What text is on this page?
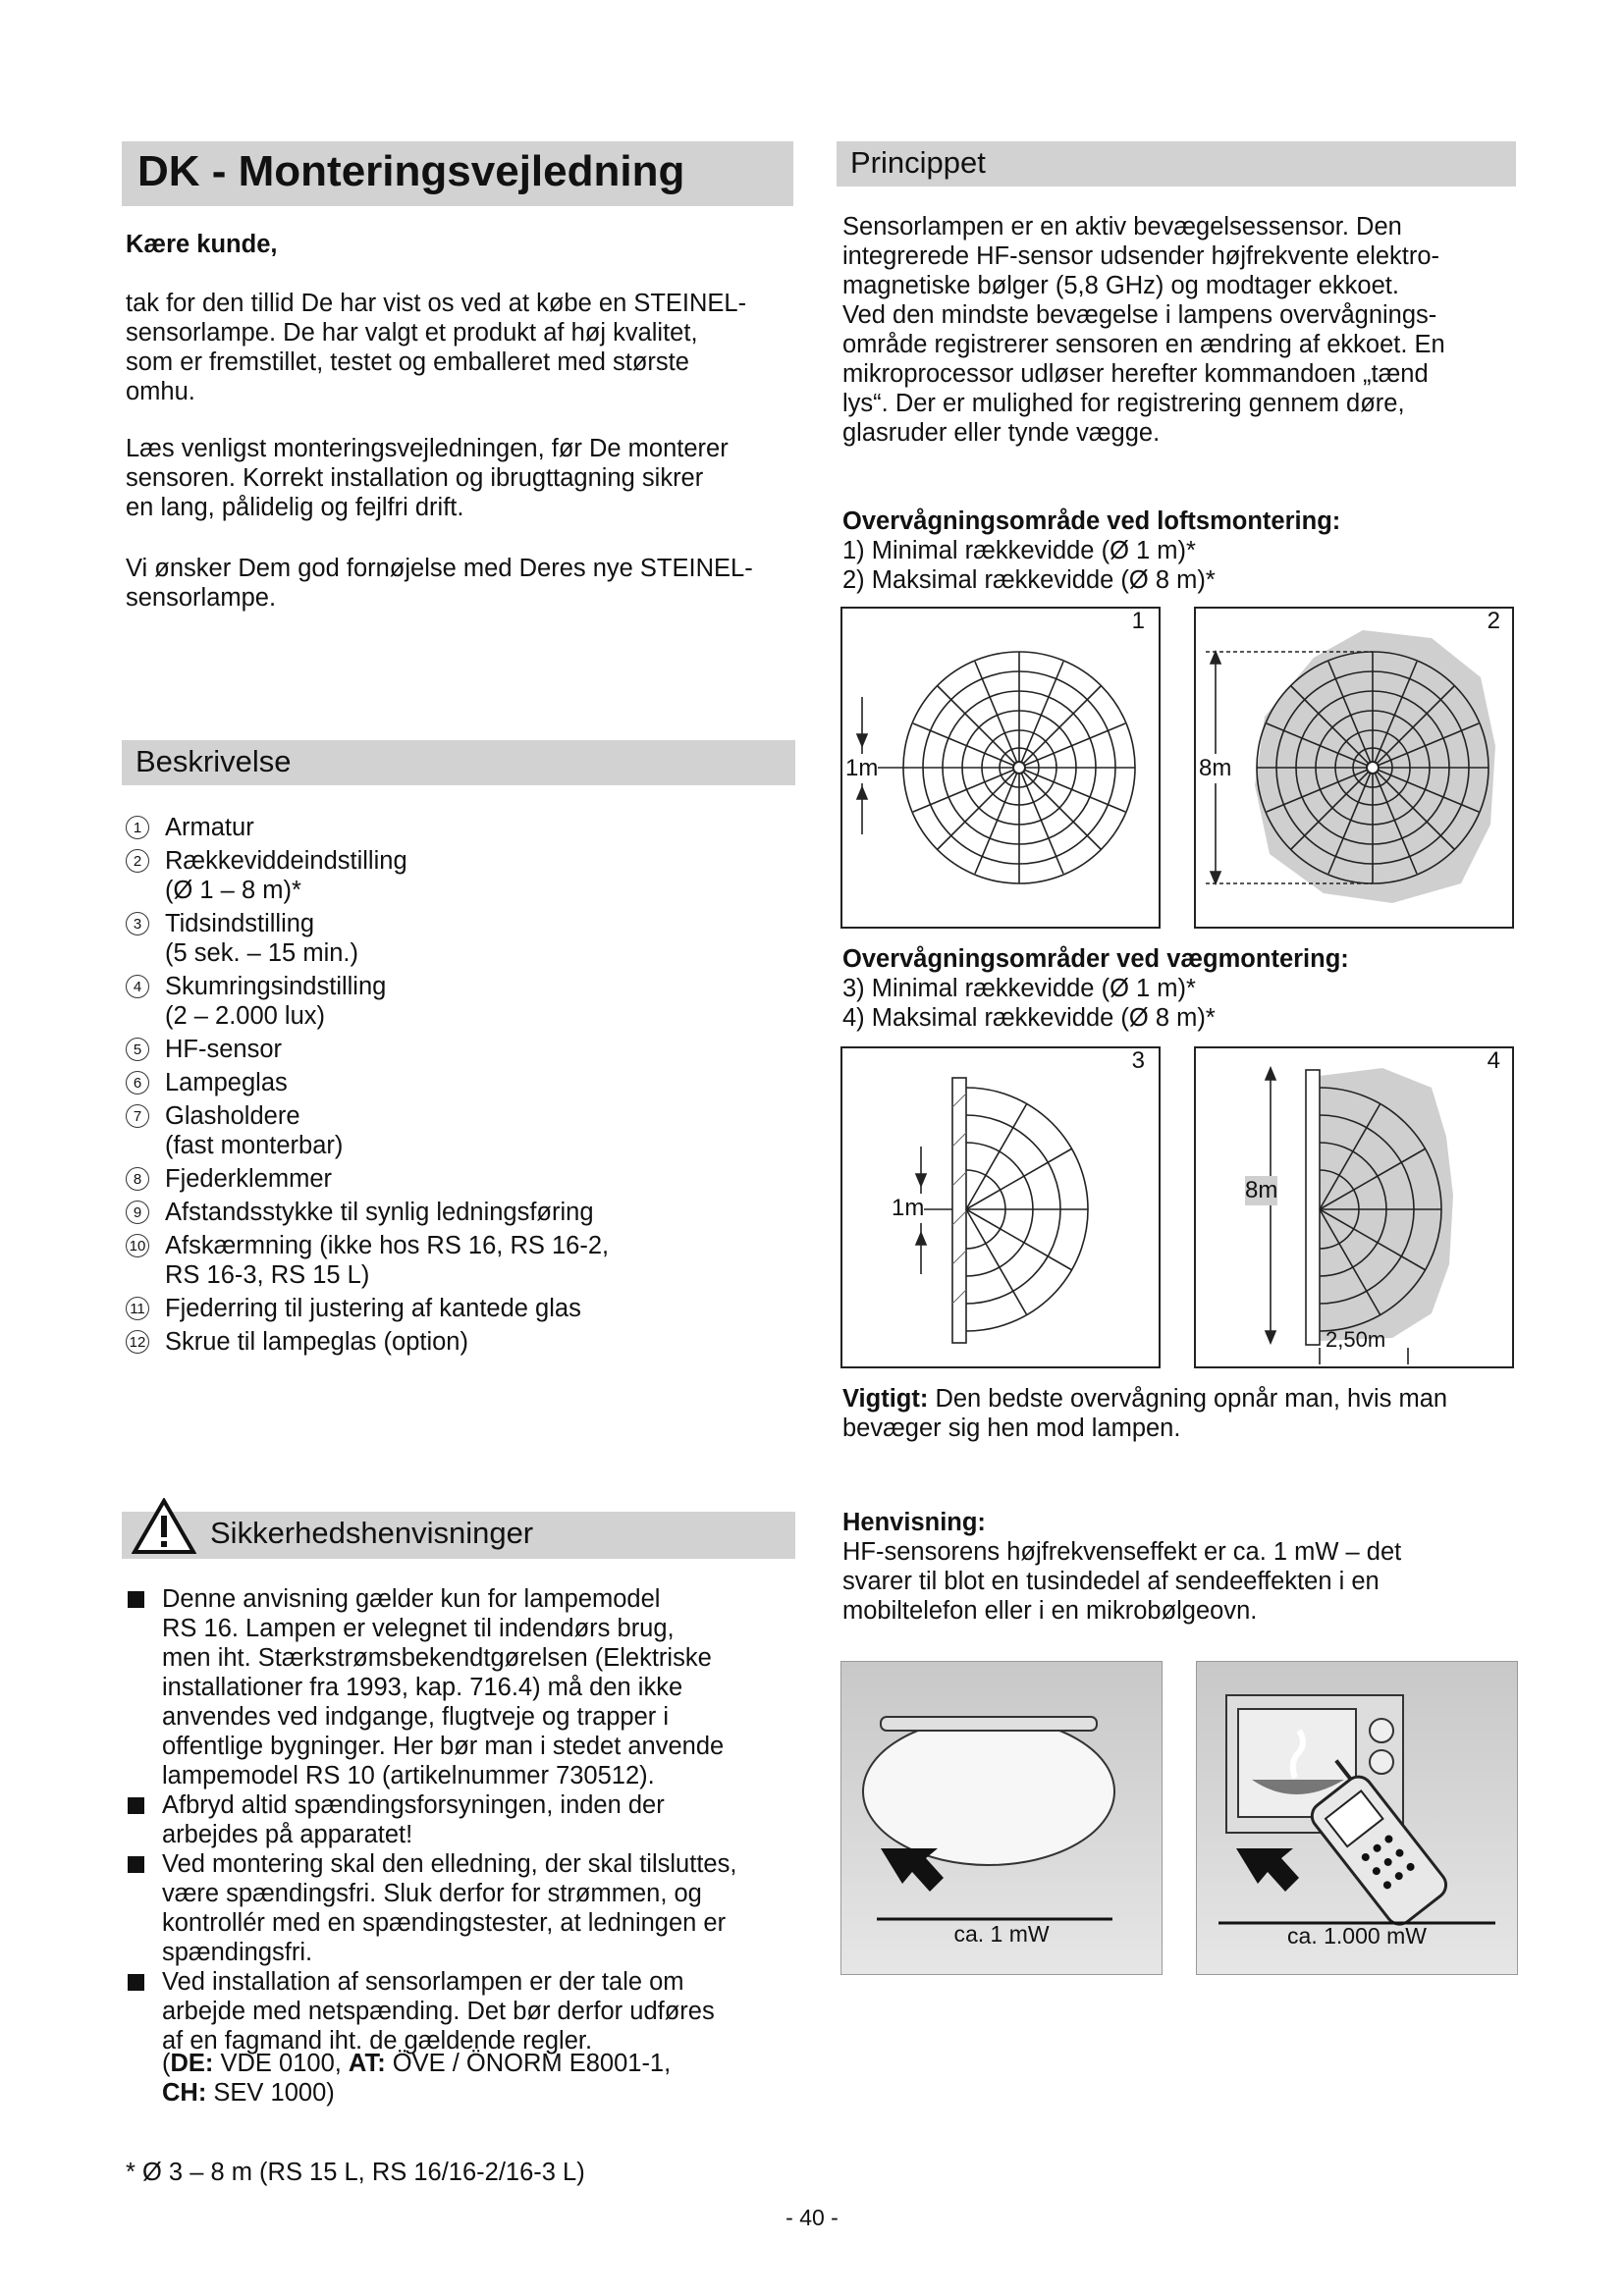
DK - Monteringsvejledning
Kære kunde,
tak for den tillid De har vist os ved at købe en STEINEL-
sensorlampe. De har valgt et produkt af høj kvalitet,
som er fremstillet, testet og emballeret med største
omhu.
Læs venligst monteringsvejledningen, før De monterer
sensoren. Korrekt installation og ibrugttagning sikrer
en lang, pålidelig og fejlfri drift.
Vi ønsker Dem god fornøjelse med Deres nye STEINEL-
sensorlampe.
Beskrivelse
1 Armatur
2 Rækkeviddeindstilling
(Ø 1 – 8 m)*
3 Tidsindstilling
(5 sek. – 15 min.)
4 Skumringsindstilling
(2 – 2.000 lux)
5 HF-sensor
6 Lampeglas
7 Glasholdere
(fast monterbar)
8 Fjederklemmer
9 Afstandsstykke til synlig ledningsføring
10 Afskærmning (ikke hos RS 16, RS 16-2,
RS 16-3, RS 15 L)
11 Fjederring til justering af kantede glas
12 Skrue til lampeglas (option)
Sikkerhedshenvisninger
Denne anvisning gælder kun for lampemodel
RS 16. Lampen er velegnet til indendørs brug,
men iht. Stærkstrømsbekendtgørelsen (Elektriske
installationer fra 1993, kap. 716.4) må den ikke
anvendes ved indgange, flugtveje og trapper i
offentlige bygninger. Her bør man i stedet anvende
lampemodel RS 10 (artikelnummer 730512).
Afbryd altid spændingsforsyningen, inden der
arbejdes på apparatet!
Ved montering skal den elledning, der skal tilsluttes,
være spændingsfri. Sluk derfor for strømmen, og
kontrollér med en spændingstester, at ledningen er
spændingsfri.
Ved installation af sensorlampen er der tale om
arbejde med netspænding. Det bør derfor udføres
af en fagmand iht. de gældende regler.
(DE: VDE 0100, AT: ÖVE / ÖNORM E8001-1,
CH: SEV 1000)
* Ø 3 – 8 m (RS 15 L, RS 16/16-2/16-3 L)
- 40 -
Princippet
Sensorlampen er en aktiv bevægelsessensor. Den
integrerede HF-sensor udsender højfrekvente elektro-
magnetiske bølger (5,8 GHz) og modtager ekkoet.
Ved den mindste bevægelse i lampens overvågnings-
område registrerer sensoren en ændring af ekkoet. En
mikroprocessor udløser herefter kommandoen „tænd
lys“. Der er mulighed for registrering gennem døre,
glasruder eller tynde vægge.
Overvågningsområde ved loftsmontering:
1) Minimal rækkevidde (Ø 1 m)*
2) Maksimal rækkevidde (Ø 8 m)*
1
1m
2
8m
Overvågningsområder ved vægmontering:
3) Minimal rækkevidde (Ø 1 m)*
4) Maksimal rækkevidde (Ø 8 m)*
3
1m
4
8m
2,50m
Vigtigt: Den bedste overvågning opnår man, hvis man
bevæger sig hen mod lampen.
Henvisning:
HF-sensorens højfrekvenseffekt er ca. 1 mW – det
svarer til blot en tusindedel af sendeeffekten i en
mobiltelefon eller i en mikrobølgeovn.
ca. 1 mW	ca. 1.000 mW
